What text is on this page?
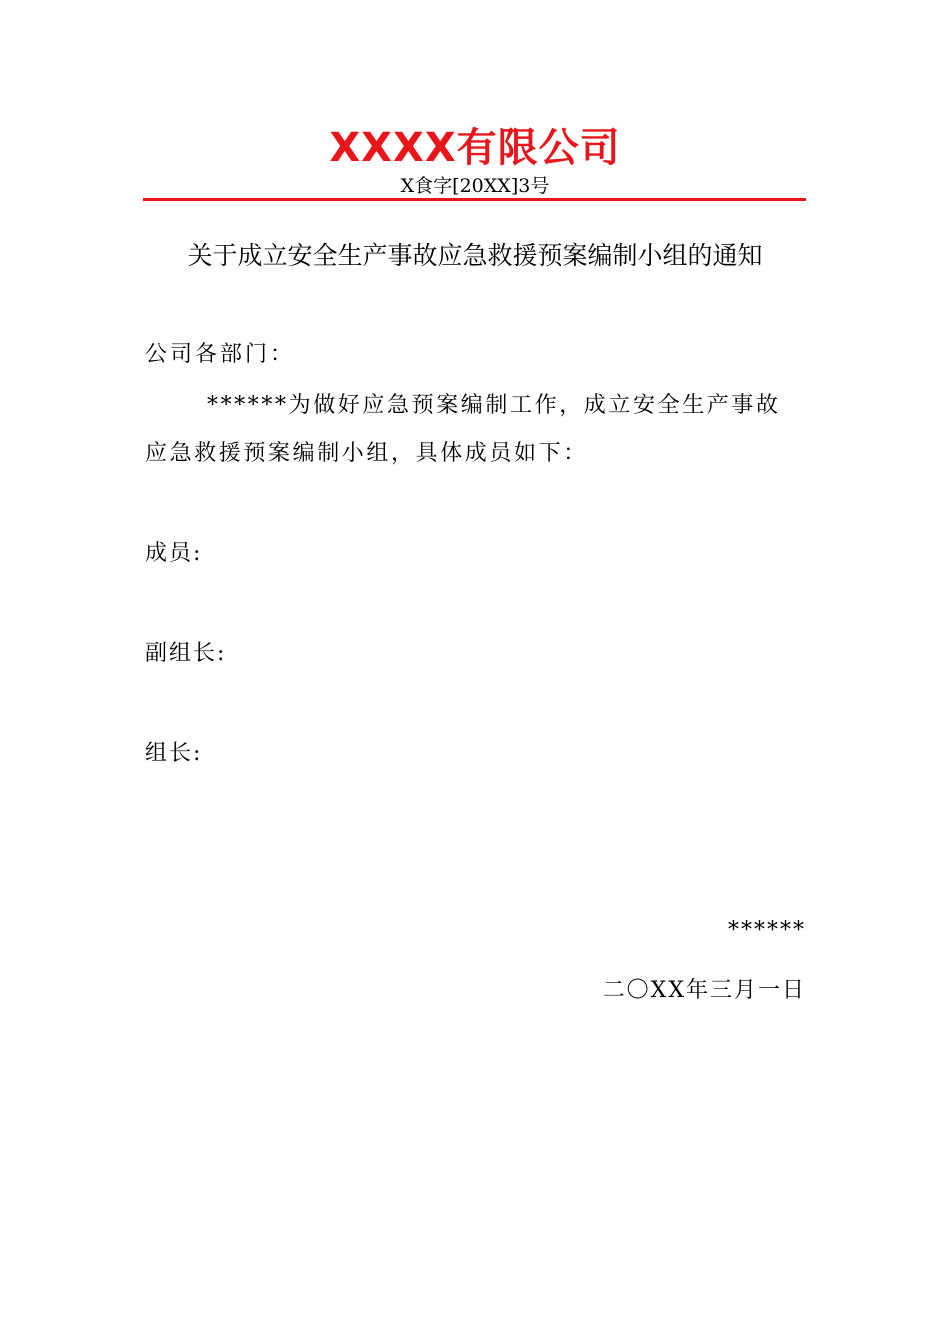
XXXX有限公司
X食字[20XX]3号
关于成立安全生产事故应急救援预案编制小组的通知
公司各部门：
******为做好应急预案编制工作，成立安全生产事故
应急救援预案编制小组，具体成员如下：
成员:
副组长:
组长:
******
二〇XX年三月一日
